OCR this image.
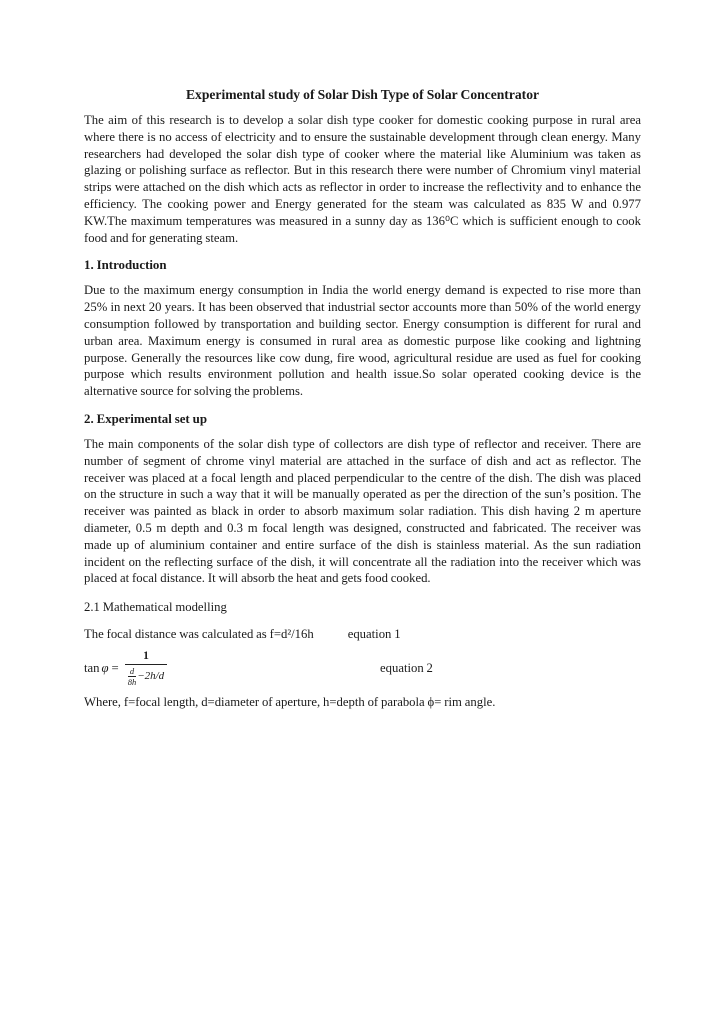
Experimental study of Solar Dish Type of Solar Concentrator

The aim of this research is to develop a solar dish type cooker for domestic cooking purpose in rural area where there is no access of electricity and to ensure the sustainable development through clean energy. Many researchers had developed the solar dish type of cooker where the material like Aluminium was taken as glazing or polishing surface as reflector. But in this research there were number of Chromium vinyl material strips were attached on the dish which acts as reflector in order to increase the reflectivity and to enhance the efficiency. The cooking power and Energy generated for the steam was calculated as 835 W and 0.977 KW.The maximum temperatures was measured in a sunny day as 136⁰C which is sufficient enough to cook food and for generating steam.

1. Introduction

Due to the maximum energy consumption in India the world energy demand is expected to rise more than 25% in next 20 years. It has been observed that industrial sector accounts more than 50% of the world energy consumption followed by transportation and building sector. Energy consumption is different for rural and urban area. Maximum energy is consumed in rural area as domestic purpose like cooking and lightning purpose. Generally the resources like cow dung, fire wood, agricultural residue are used as fuel for cooking purpose which results environment pollution and health issue.So solar operated cooking device is the alternative source for solving the problems.

2. Experimental set up

The main components of the solar dish type of collectors are dish type of reflector and receiver. There are number of segment of chrome vinyl material are attached in the surface of dish and act as reflector. The receiver was placed at a focal length and placed perpendicular to the centre of the dish. The dish was placed on the structure in such a way that it will be manually operated as per the direction of the sun’s position. The receiver was painted as black in order to absorb maximum solar radiation. This dish having 2 m aperture diameter, 0.5 m depth and 0.3 m focal length was designed, constructed and fabricated. The receiver was made up of aluminium container and entire surface of the dish is stainless material. As the sun radiation incident on the reflecting surface of the dish, it will concentrate all the radiation into the receiver which was placed at focal distance. It will absorb the heat and gets food cooked.

2.1 Mathematical modelling

The focal distance was calculated as f=d²/16h	equation 1
$\tan \varphi = \frac{1}{\frac{d}{8h} -2h/d}$	equation 2

Where, f=focal length, d=diameter of aperture, h=depth of parabola ϕ= rim angle.
